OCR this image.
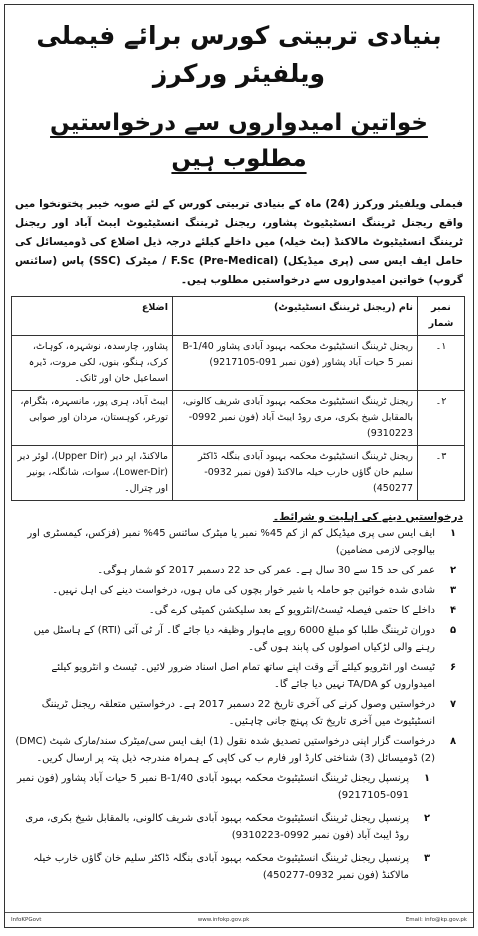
بنیادی تربیتی کورس برائے فیملی ویلفیئر ورکرز
خواتین امیدواروں سے درخواستیں مطلوب ہیں
فیملی ویلفیئر ورکرز (24) ماہ کے بنیادی تربیتی کورس کے لئے صوبہ خیبر پختونخوا میں واقع ریجنل ٹریننگ انسٹیٹیوٹ پشاور، ریجنل ٹریننگ انسٹیٹیوٹ ایبٹ آباد اور ریجنل ٹریننگ انسٹیٹیوٹ مالاکنڈ (بٹ خیلہ) میں داخلے کیلئے درجہ ذیل اضلاع کی ڈومیسائل کی حامل ایف ایس سی (پری میڈیکل) F.Sc (Pre-Medical) / میٹرک (SSC) پاس (سائنس گروپ) خواتین امیدواروں سے درخواستیں مطلوب ہیں۔
نمبر شمار	نام (ریجنل ٹریننگ انسٹیٹیوٹ)	اضلاع
۱۔	ریجنل ٹریننگ انسٹیٹیوٹ محکمہ بہبود آبادی پشاور 40/B-1 نمبر 5 حیات آباد پشاور (فون نمبر 091-9217105)	پشاور، چارسدہ، نوشہرہ، کوہاٹ، کرک، ہنگو، بنوں، لکی مروت، ڈیرہ اسماعیل خان اور ٹانک۔
۲۔	ریجنل ٹریننگ انسٹیٹیوٹ محکمہ بہبود آبادی شریف کالونی، بالمقابل شیخ بکری، مری روڈ ایبٹ آباد (فون نمبر 0992-9310223)	ایبٹ آباد، ہری پور، مانسہرہ، بٹگرام، تورغر، کوہستان، مردان اور صوابی
۳۔	ریجنل ٹریننگ انسٹیٹیوٹ محکمہ بہبود آبادی بنگلہ ڈاکٹر سلیم خان گاؤں خارب خیلہ مالاکنڈ (فون نمبر 0932-450277)	مالاکنڈ، اپر دیر (Upper Dir)، لوئر دیر (Lower-Dir)، سوات، شانگلہ، بونیر اور چترال۔
درخواستیں دینے کی اہلیت و شرائط۔
۱
ایف ایس سی پری میڈیکل کم از کم 45% نمبر یا میٹرک سائنس 45% نمبر (فزکس، کیمسٹری اور بیالوجی لازمی مضامین)
۲
عمر کی حد 15 سے 30 سال ہے۔ عمر کی حد 22 دسمبر 2017 کو شمار ہوگی۔
۳
شادی شدہ خواتین جو حاملہ یا شیر خوار بچوں کی ماں ہوں، درخواست دینے کی اہل نہیں۔
۴
داخلے کا حتمی فیصلہ ٹیسٹ/انٹرویو کے بعد سلیکشن کمیٹی کرے گی۔
۵
دوران ٹریننگ طلبا کو مبلغ 6000 روپے ماہوار وظیفہ دیا جائے گا۔ آر ٹی آئی (RTI) کے ہاسٹل میں رہنے والی لڑکیاں اصولوں کی پابند ہوں گی۔
۶
ٹیسٹ اور انٹرویو کیلئے آتے وقت اپنے ساتھ تمام اصل اسناد ضرور لائیں۔ ٹیسٹ و انٹرویو کیلئے امیدواروں کو TA/DA نہیں دیا جائے گا۔
۷
درخواستیں وصول کرنے کی آخری تاریخ 22 دسمبر 2017 ہے۔ درخواستیں متعلقہ ریجنل ٹریننگ انسٹیٹیوٹ میں آخری تاریخ تک پہنچ جانی چاہئیں۔
۸
درخواست گزار اپنی درخواستیں تصدیق شدہ نقول (1) ایف ایس سی/میٹرک سند/مارک شیٹ (DMC) (2) ڈومیسائل (3) شناختی کارڈ اور فارم ب کی کاپی کے ہمراہ مندرجہ ذیل پتہ پر ارسال کریں۔
۱
پرنسپل ریجنل ٹریننگ انسٹیٹیوٹ محکمہ بہبود آبادی 40/B-1 نمبر 5 حیات آباد پشاور (فون نمبر 091-9217105)
۲
پرنسپل ریجنل ٹریننگ انسٹیٹیوٹ محکمہ بہبود آبادی شریف کالونی، بالمقابل شیخ بکری، مری روڈ ایبٹ آباد (فون نمبر 0992-9310223)
۳
پرنسپل ریجنل ٹریننگ انسٹیٹیوٹ محکمہ بہبود آبادی بنگلہ ڈاکٹر سلیم خان گاؤں خارب خیلہ مالاکنڈ (فون نمبر 0932-450277)
InfoKPGovt	www.infokp.gov.pk	Email: info@kp.gov.pk
